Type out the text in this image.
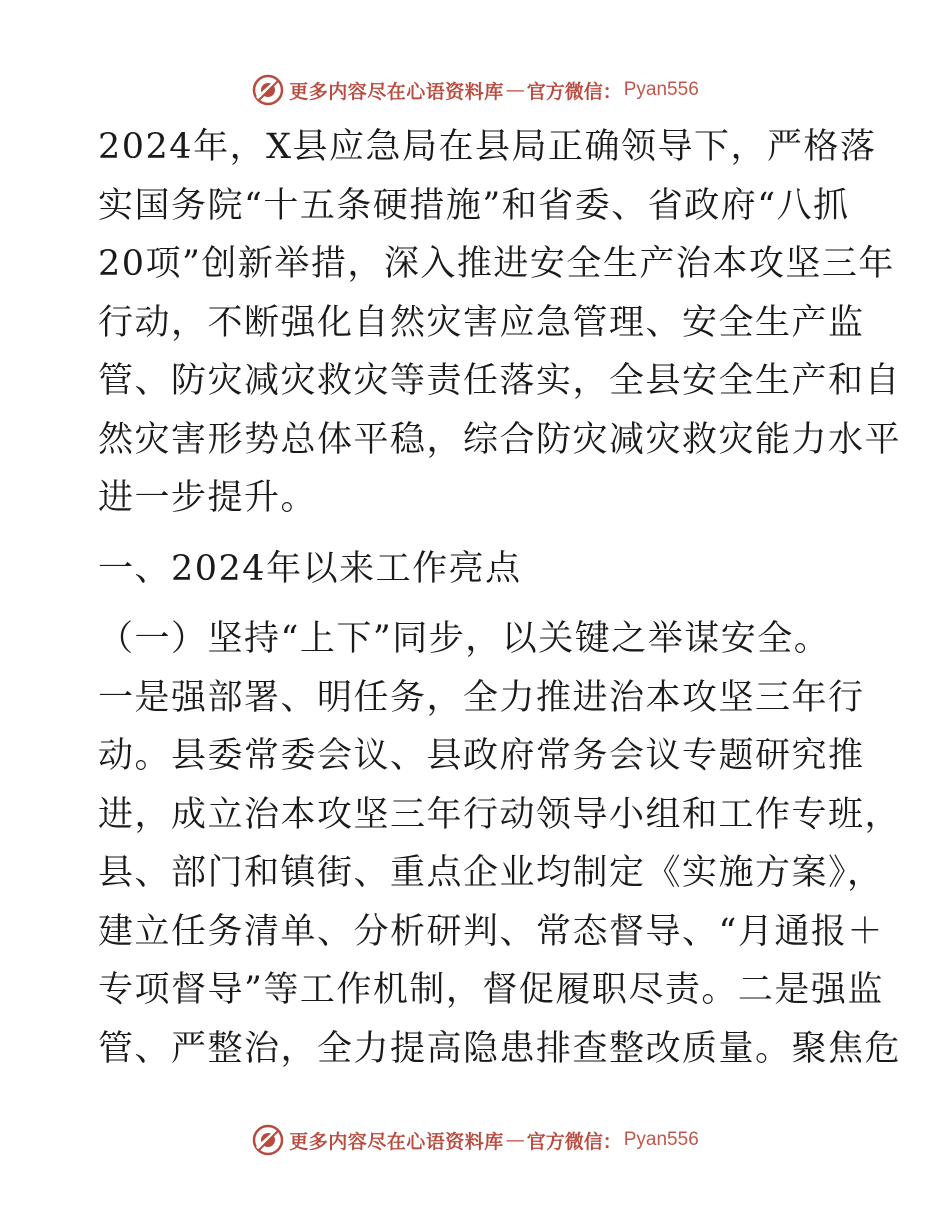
更多内容尽在心语资料库 — 官方微信： Pyan556
2024年，X县应急局在县局正确领导下，严格落
实国务院“十五条硬措施”和省委、省政府“八抓
20项”创新举措，深入推进安全生产治本攻坚三年
行动，不断强化自然灾害应急管理、安全生产监
管、防灾减灾救灾等责任落实，全县安全生产和自
然灾害形势总体平稳，综合防灾减灾救灾能力水平
进一步提升。
一、2024年以来工作亮点
（一）坚持“上下”同步，以关键之举谋安全。
一是强部署、明任务，全力推进治本攻坚三年行
动。县委常委会议、县政府常务会议专题研究推
进，成立治本攻坚三年行动领导小组和工作专班，
县、部门和镇街、重点企业均制定《实施方案》，
建立任务清单、分析研判、常态督导、“月通报＋
专项督导”等工作机制，督促履职尽责。二是强监
管、严整治，全力提高隐患排查整改质量。聚焦危
更多内容尽在心语资料库 — 官方微信： Pyan556
